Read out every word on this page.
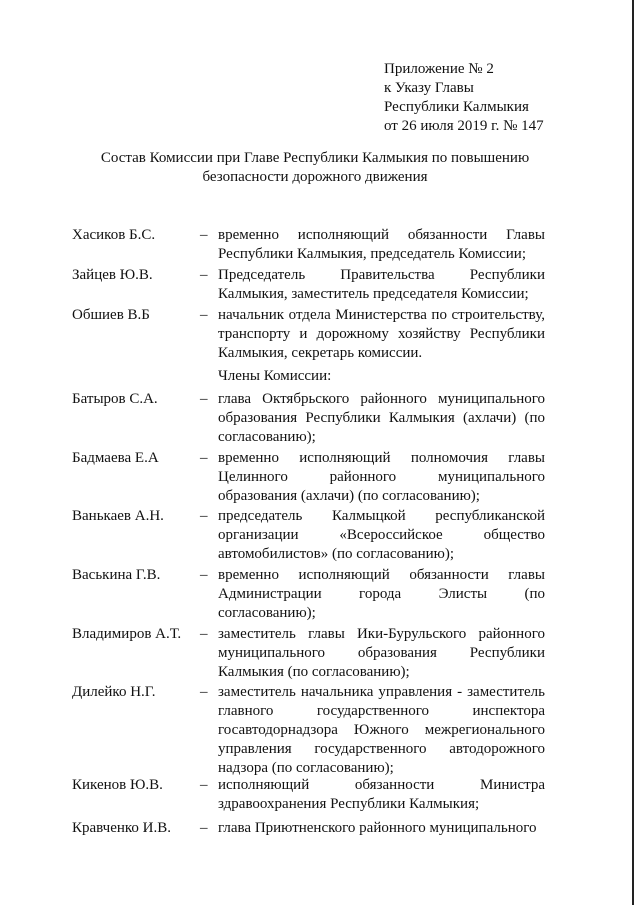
Приложение № 2
к Указу Главы
Республики Калмыкия
от 26 июля 2019 г. № 147
Состав Комиссии при Главе Республики Калмыкия по повышению безопасности дорожного движения
Хасиков Б.С.	– временно исполняющий обязанности Главы Республики Калмыкия, председатель Комиссии;
Зайцев Ю.В.	– Председатель Правительства Республики Калмыкия, заместитель председателя Комиссии;
Обшиев В.Б	– начальник отдела Министерства по строительству, транспорту и дорожному хозяйству Республики Калмыкия, секретарь комиссии.
Члены Комиссии:
Батыров С.А.	– глава Октябрьского районного муниципального образования Республики Калмыкия (ахлачи) (по согласованию);
Бадмаева Е.А	– временно исполняющий полномочия главы Целинного районного муниципального образования (ахлачи) (по согласованию);
Ванькаев А.Н. – председатель Калмыцкой республиканской организации «Всероссийское общество автомобилистов» (по согласованию);
Васькина Г.В.	– временно исполняющий обязанности главы Администрации города Элисты (по согласованию);
Владимиров А.Т. – заместитель главы Ики-Бурульского районного муниципального образования Республики Калмыкия (по согласованию);
Дилейко Н.Г.	– заместитель начальника управления - заместитель главного государственного инспектора госавтодорнадзора Южного межрегионального управления государственного автодорожного надзора (по согласованию);
Кикенов Ю.В. – исполняющий обязанности Министра здравоохранения Республики Калмыкия;
Кравченко И.В. – глава Приютненского районного муниципального
